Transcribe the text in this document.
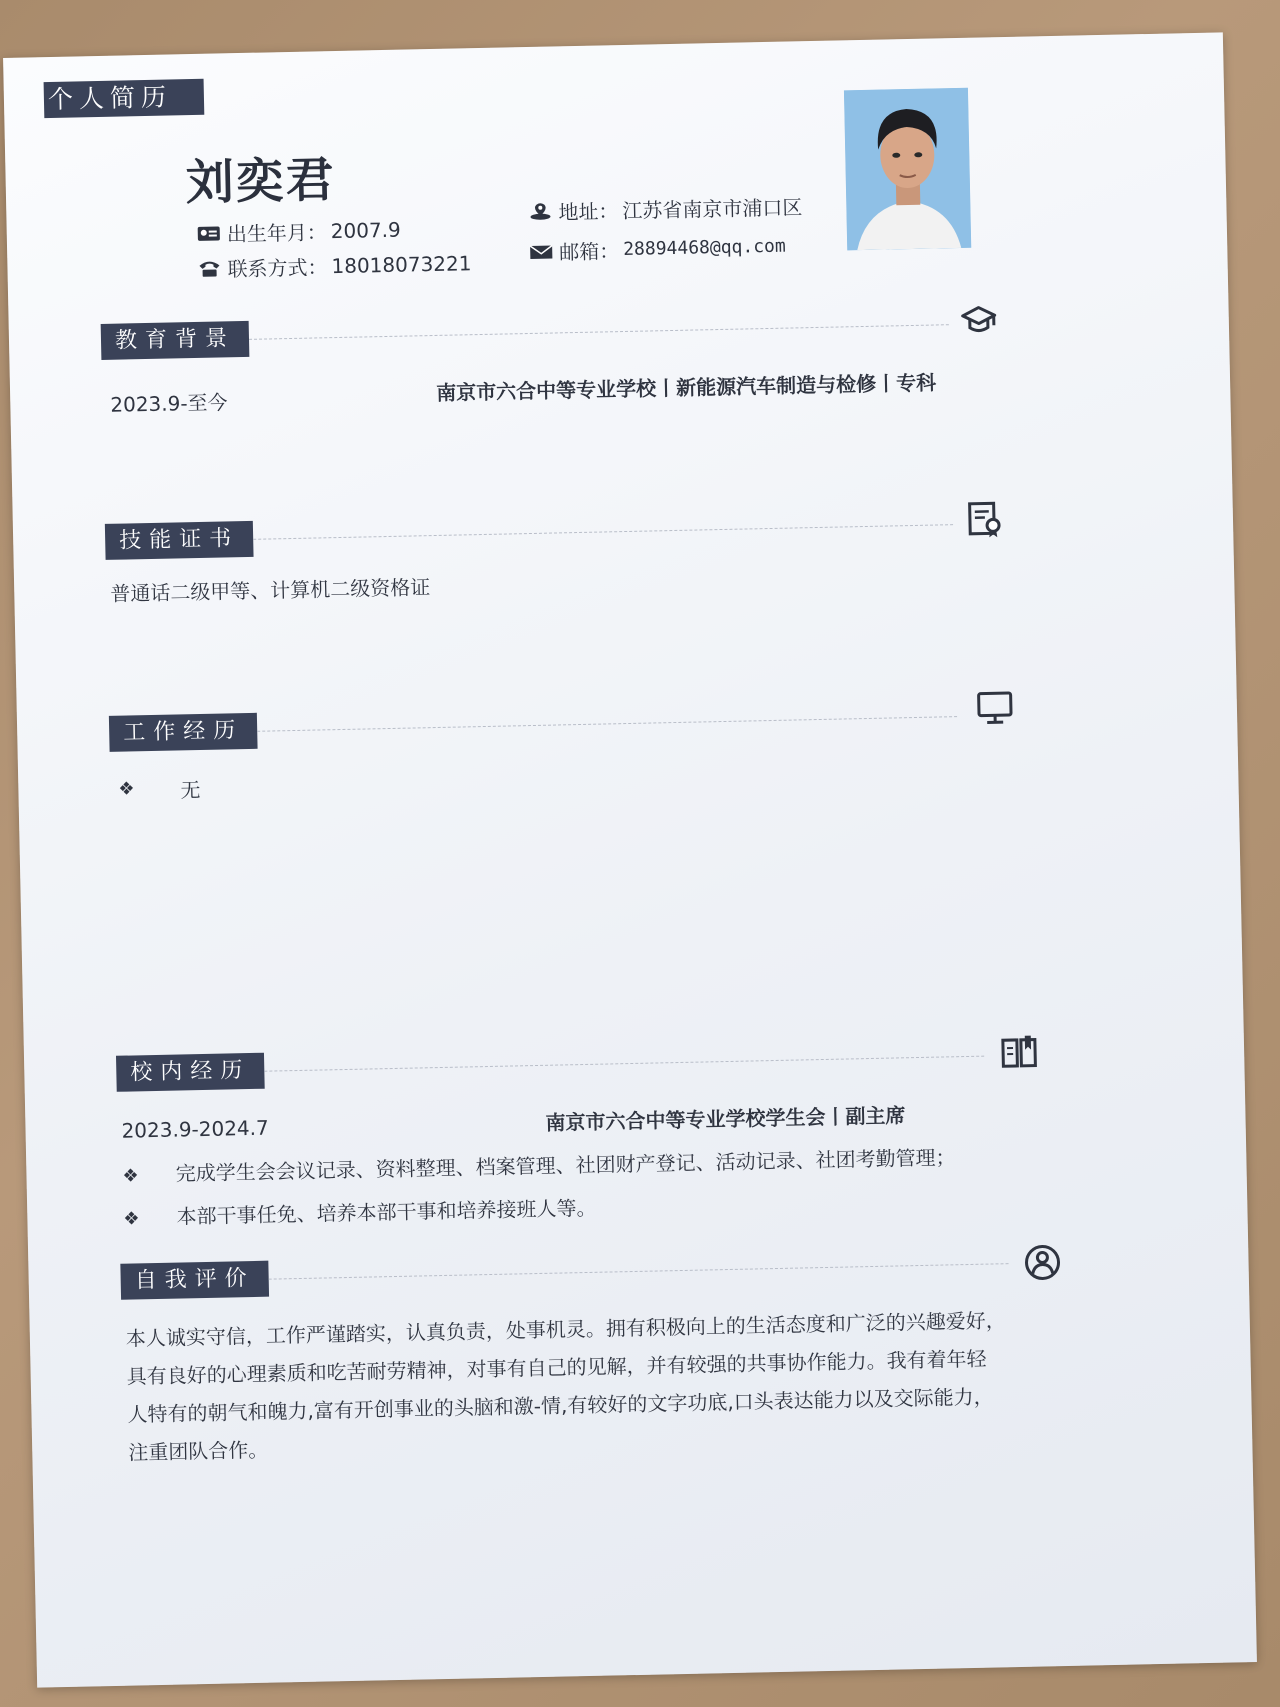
个人简历
刘奕君
出生年月： 2007.9
联系方式： 18018073221
地址： 江苏省南京市浦口区
邮箱： 28894468@qq.com
教育背景
2023.9-至今	南京市六合中等专业学校丨新能源汽车制造与检修丨专科
技能证书
普通话二级甲等、计算机二级资格证
工作经历
❖ 无
校内经历
2023.9-2024.7	南京市六合中等专业学校学生会丨副主席
❖ 完成学生会会议记录、资料整理、档案管理、社团财产登记、活动记录、社团考勤管理；
❖ 本部干事任免、培养本部干事和培养接班人等。
自我评价
本人诚实守信，工作严谨踏实，认真负责，处事机灵。拥有积极向上的生活态度和广泛的兴趣爱好，
具有良好的心理素质和吃苦耐劳精神，对事有自己的见解，并有较强的共事协作能力。我有着年轻
人特有的朝气和魄力,富有开创事业的头脑和激-情,有较好的文字功底,口头表达能力以及交际能力，
注重团队合作。
